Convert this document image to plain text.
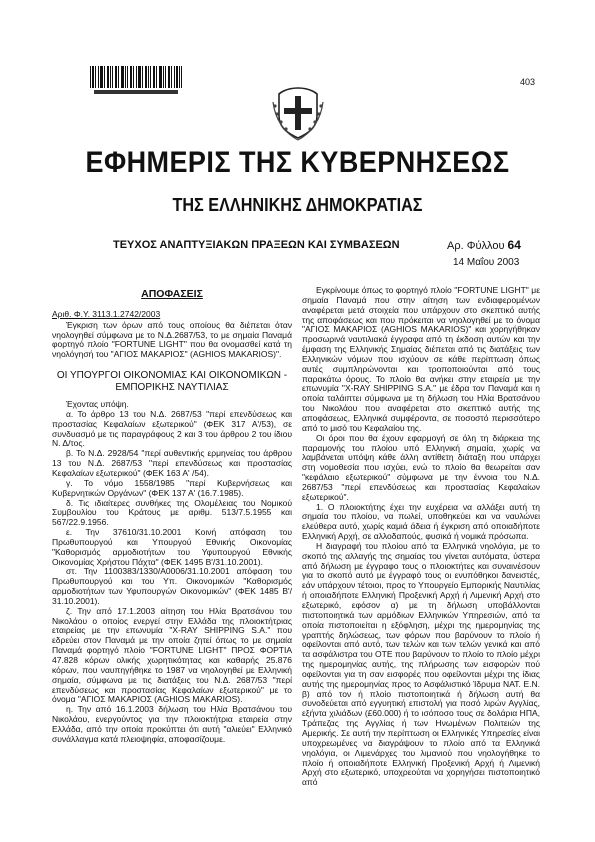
403
ΕΦΗΜΕΡΙΣ ΤΗΣ ΚΥΒΕΡΝΗΣΕΩΣ
ΤΗΣ ΕΛΛΗΝΙΚΗΣ ΔΗΜΟΚΡΑΤΙΑΣ
ΤΕΥΧΟΣ ΑΝΑΠΤΥΞΙΑΚΩΝ ΠΡΑΞΕΩΝ ΚΑΙ ΣΥΜΒΑΣΕΩΝ	Αρ. Φύλλου 64
14 Μαΐου 2003

ΑΠΟΦΑΣΕΙΣ

Αριθ. Φ.Υ. 3113.1.2742/2003

Έγκριση των όρων από τους οποίους θα διέπεται όταν νηολογηθεί σύμφωνα με το Ν.Δ.2687/53, το με σημαία Παναμά φορτηγό πλοίο "FORTUNE LIGHT" που θα ονομασθεί κατά τη νηολόγησή του "ΑΓΙΟΣ ΜΑΚΑΡΙΟΣ" (AGHIOS MAKARIOS)".

ΟΙ ΥΠΟΥΡΓΟΙ ΟΙΚΟΝΟΜΙΑΣ ΚΑΙ ΟΙΚΟΝΟΜΙΚΩΝ - ΕΜΠΟΡΙΚΗΣ ΝΑΥΤΙΛΙΑΣ

Έχοντας υπόψη.

α. Το άρθρο 13 του Ν.Δ. 2687/53 "περί επενδύσεως και προστασίας Κεφαλαίων εξωτερικού" (ΦΕΚ 317 Α'/53), σε συνδυασμό με τις παραγράφους 2 και 3 του άρθρου 2 του ίδιου Ν. Δ/τος.

β. Το Ν.Δ. 2928/54 "περί αυθεντικής ερμηνείας του άρθρου 13 του Ν.Δ. 2687/53 "περί επενδύσεως και προστασίας Κεφαλαίων εξωτερικού" (ΦΕΚ 163 Α' /54).

γ. Το νόμο 1558/1985 "περί Κυβερνήσεως και Κυβερνητικών Οργάνων" (ΦΕΚ 137 Α' (16.7.1985).

δ. Τις ιδιαίτερες συνθήκες της Ολομέλειας του Νομικού Συμβουλίου του Κράτους με αριθμ. 513/7.5.1955 και 567/22.9.1956.

ε. Την 37610/31.10.2001 Κοινή απόφαση του Πρωθυπουργού και Υπουργού Εθνικής Οικονομίας "Καθορισμός αρμοδιοτήτων του Υφυπουργού Εθνικής Οικονομίας Χρήστου Πάχτα" (ΦΕΚ 1495 Β'/31.10.2001).

στ. Την 1100383/1330/Α0006/31.10.2001 απόφαση του Πρωθυπουργού και του Υπ. Οικονομικών "Καθορισμός αρμοδιοτήτων των Υφυπουργών Οικονομικών" (ΦΕΚ 1485 Β'/ 31.10.2001).

ζ. Την από 17.1.2003 αίτηση του Ηλία Βρατσάνου του Νικολάου ο οποίος ενεργεί στην Ελλάδα της πλοιοκτήτριας εταιρείας με την επωνυμία "X-RAY SHIPPING S.A." που εδρεύει στον Παναμά με την οποία ζητεί όπως το με σημαία Παναμά φορτηγό πλοίο "FORTUNE LIGHT" ΠΡΟΣ ΦΟΡΤΙΑ 47.828 κόρων ολικής χωρητικότητας και καθαρής 25.876 κόρων, που ναυπηγήθηκε το 1987 να νηολογηθεί με Ελληνική σημαία, σύμφωνα με τις διατάξεις του Ν.Δ. 2687/53 "περί επενδύσεως και προστασίας Κεφαλαίων εξωτερικού" με το όνομα "ΑΓΙΟΣ ΜΑΚΑΡΙΟΣ (AGHIOS MAKARIOS).

η. Την από 16.1.2003 δήλωση του Ηλία Βρατσάνου του Νικολάου, ενεργούντος για την πλοιοκτήτρια εταιρεία στην Ελλάδα, από την οποία προκύπτει ότι αυτή "αλιεύει" Ελληνικό συνάλλαγμα κατά πλειοψηφία, αποφασίζουμε.

Εγκρίνουμε όπως το φορτηγό πλοίο "FORTUNE LIGHT" με σημαία Παναμά που στην αίτηση των ενδιαφερομένων αναφέρεται μετά στοιχεία που υπάρχουν στο σκεπτικό αυτής της αποφάσεως και που πρόκειται να νηολογηθεί με το όνομα "ΑΓΙΟΣ ΜΑΚΑΡΙΟΣ (AGHIOS MAKARIOS)" και χορηγήθηκαν προσωρινά ναυτιλιακά έγγραφα από τη έκδοση αυτών και την έμφαση της Ελληνικής Σημαίας διέπεται από τις διατάξεις των Ελληνικών νόμων που ισχύουν σε κάθε περίπτωση όπως αυτές συμπληρώνονται και τροποποιούνται από τους παρακάτω όρους. Το πλοίο θα ανήκει στην εταιρεία με την επωνυμία "X-RAY SHIPPING S.A." με έδρα τον Παναμά και η οποία ταλάιπτει σύμφωνα με τη δήλωση του Ηλία Βρατσάνου του Νικολάου που αναφέρεται στο σκεπτικό αυτής της αποφάσεως, Ελληνικά συμφέροντα, σε ποσοστό περισσότερο από το μισό του Κεφαλαίου της.

Οι όροι που θα έχουν εφαρμογή σε όλη τη διάρκεια της παραμονής του πλοίου υπό Ελληνική σημαία, χωρίς να λαμβάνεται υπόψη κάθε άλλη αντίθετη διάταξη που υπάρχει στη νομοθεσία που ισχύει, ενώ το πλοίο θα θεωρείται σαν "κεφάλαιο εξωτερικού" σύμφωνα με την έννοια του Ν.Δ. 2687/53 "περί επενδύσεως και προστασίας Κεφαλαίων εξωτερικού".

1. Ο πλοιοκτήτης έχει την ευχέρεια να αλλάξει αυτή τη σημαία του πλοίου, να πωλεί, υποθηκεύει και να ναυλώνει ελεύθερα αυτό, χωρίς καμιά άδεια ή έγκριση από οποιαδήποτε Ελληνική Αρχή, σε αλλοδαπούς, φυσικά ή νομικά πρόσωπα.

Η διαγραφή του πλοίου από τα Ελληνικά νηολόγια, με το σκοπό της αλλαγής της σημαίας του γίνεται αυτόματα, ύστερα από δήλωση με έγγραφο τους ο πλοιοκτήτες και συναινέσουν για το σκοπό αυτό με έγγραφό τους οι ενυπόθηκοι δανειστές, εάν υπάρχουν τέτοιοι, προς το Υπουργείο Εμπορικής Ναυτιλίας ή οποιαδήποτε Ελληνική Προξενική Αρχή ή Λιμενική Αρχή στο εξωτερικό, εφόσον α) με τη δήλωση υποβάλλονται πιστοποιητικά των αρμόδιων Ελληνικών Υπηρεσιών, από τα οποία πιστοποιείται η εξόφληση, μέχρι της ημερομηνίας της γραπτής δηλώσεως, των φόρων που βαρύνουν το πλοίο ή οφείλονται από αυτό, των τελών και των τελών γενικά και από τα ασφάλιστρα του ΟΤΕ που βαρύνουν το πλοίο το πλοίο μέχρι της ημερομηνίας αυτής, της πλήρωσης των εισφορών πού οφείλονται για τη σαν εισφορές που οφείλονται μέχρι της ίδιας αυτής της ημερομηνίας προς το Ασφάλιστικό Ίδρυμα ΝΑΤ. Ε.Ν. β) από τον ή πλοίο πιστοποιητικά ή δήλωση αυτή θα συνοδεύεται από εγγυητική επιστολή για ποσό λιρών Αγγλίας, εξήντα χιλιάδων (£60.000) ή το ισόποσο τους σε δολάρια ΗΠΑ, Τράπεζας της Αγγλίας ή των Ηνωμένων Πολιτειών της Αμερικής. Σε αυτή την περίπτωση οι Ελληνικές Υπηρεσίες είναι υποχρεωμένες να διαγράψουν το πλοίο από τα Ελληνικά νηολόγια, οι Λιμενάρχες του λιμανιού που νηολογήθηκε το πλοίο ή οποιαδήποτε Ελληνική Προξενική Αρχή ή Λιμενική Αρχή στο εξωτερικό, υποχρεούται να χορηγήσει πιστοποιητικό από
